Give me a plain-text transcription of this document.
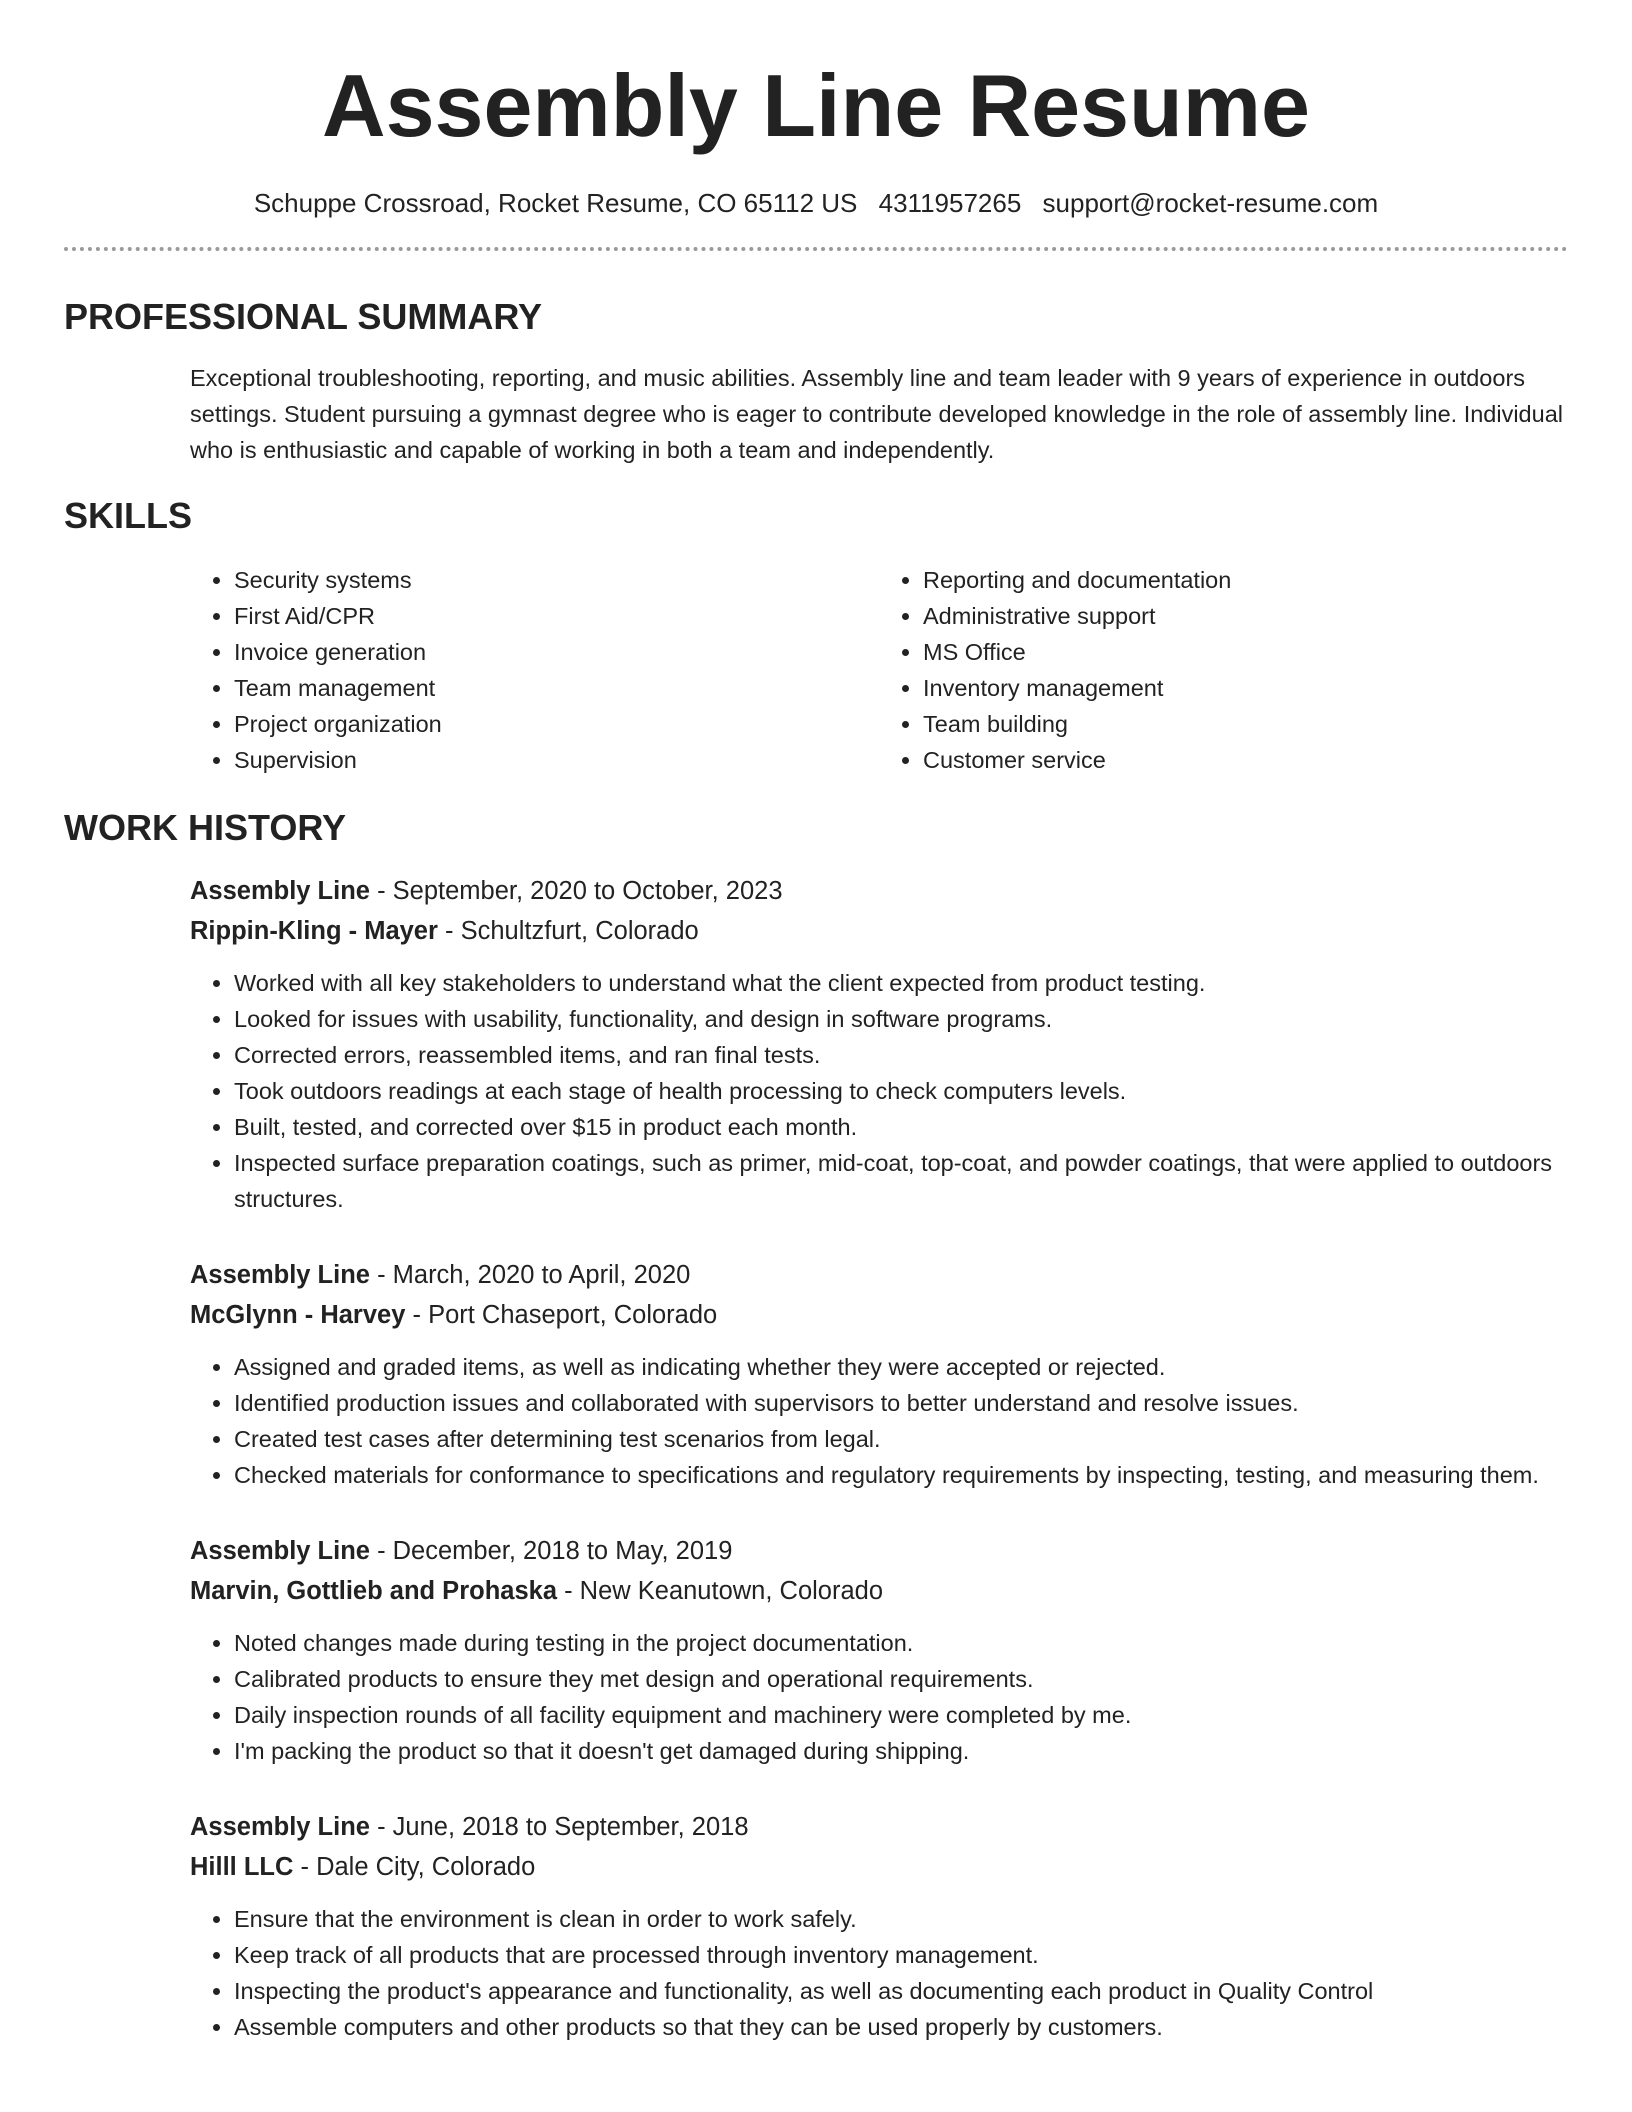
Assembly Line Resume
Schuppe Crossroad, Rocket Resume, CO 65112 US 4311957265 support@rocket-resume.com
PROFESSIONAL SUMMARY

Exceptional troubleshooting, reporting, and music abilities. Assembly line and team leader with 9 years of experience in outdoors settings. Student pursuing a gymnast degree who is eager to contribute developed knowledge in the role of assembly line. Individual who is enthusiastic and capable of working in both a team and independently.

SKILLS
• Security systems
• First Aid/CPR
• Invoice generation
• Team management
• Project organization
• Supervision
• Reporting and documentation
• Administrative support
• MS Office
• Inventory management
• Team building
• Customer service
WORK HISTORY
Assembly Line - September, 2020 to October, 2023
Rippin-Kling - Mayer - Schultzfurt, Colorado
• Worked with all key stakeholders to understand what the client expected from product testing.
• Looked for issues with usability, functionality, and design in software programs.
• Corrected errors, reassembled items, and ran final tests.
• Took outdoors readings at each stage of health processing to check computers levels.
• Built, tested, and corrected over $15 in product each month.
• Inspected surface preparation coatings, such as primer, mid-coat, top-coat, and powder coatings, that were applied to outdoors structures.
Assembly Line - March, 2020 to April, 2020
McGlynn - Harvey - Port Chaseport, Colorado
• Assigned and graded items, as well as indicating whether they were accepted or rejected.
• Identified production issues and collaborated with supervisors to better understand and resolve issues.
• Created test cases after determining test scenarios from legal.
• Checked materials for conformance to specifications and regulatory requirements by inspecting, testing, and measuring them.
Assembly Line - December, 2018 to May, 2019
Marvin, Gottlieb and Prohaska - New Keanutown, Colorado
• Noted changes made during testing in the project documentation.
• Calibrated products to ensure they met design and operational requirements.
• Daily inspection rounds of all facility equipment and machinery were completed by me.
• I'm packing the product so that it doesn't get damaged during shipping.
Assembly Line - June, 2018 to September, 2018
Hilll LLC - Dale City, Colorado
• Ensure that the environment is clean in order to work safely.
• Keep track of all products that are processed through inventory management.
• Inspecting the product's appearance and functionality, as well as documenting each product in Quality Control
• Assemble computers and other products so that they can be used properly by customers.
